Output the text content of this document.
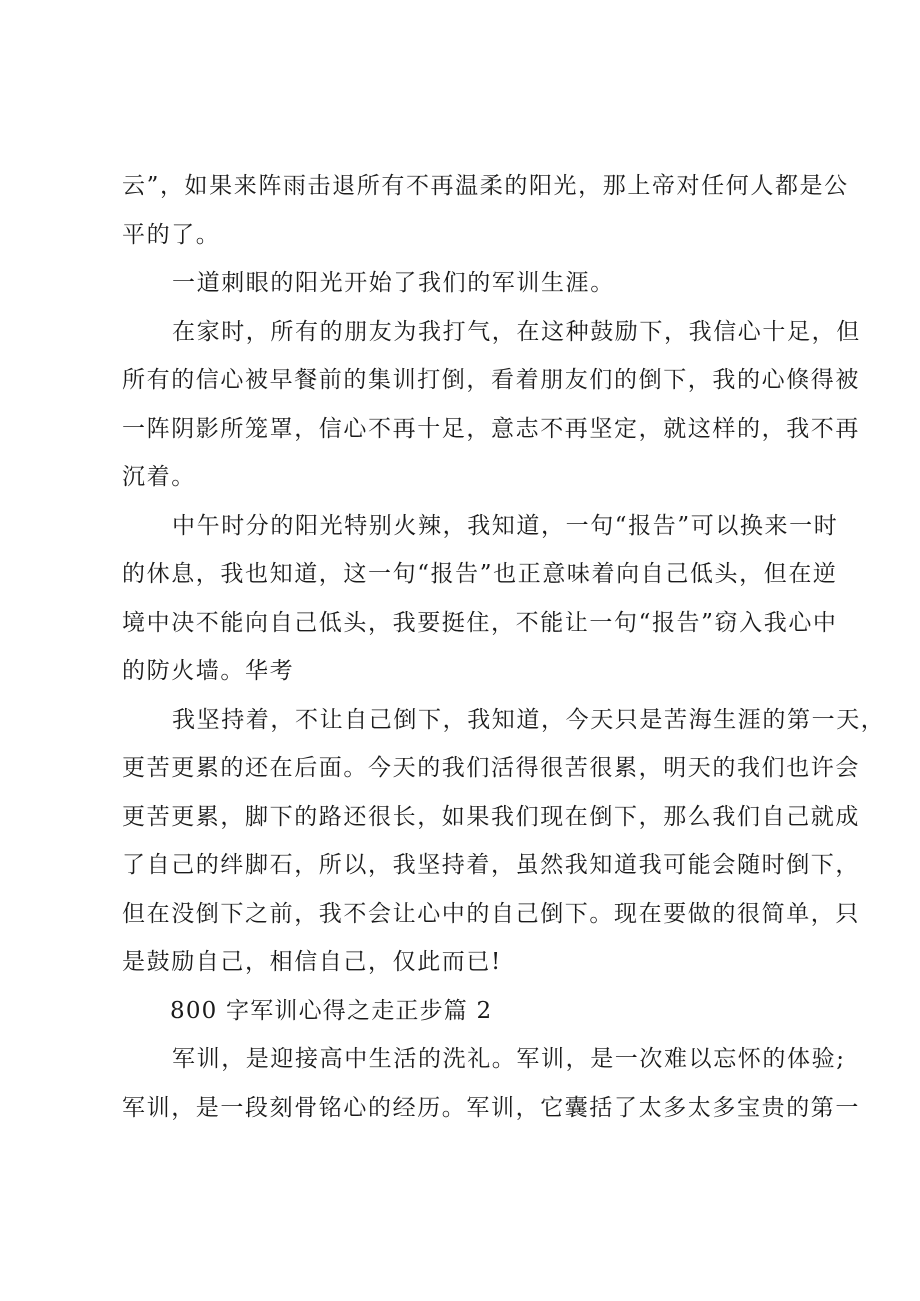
云”，如果来阵雨击退所有不再温柔的阳光，那上帝对任何人都是公
平的了。
一道刺眼的阳光开始了我们的军训生涯。
在家时，所有的朋友为我打气，在这种鼓励下，我信心十足，但
所有的信心被早餐前的集训打倒，看着朋友们的倒下，我的心倏得被
一阵阴影所笼罩，信心不再十足，意志不再坚定，就这样的，我不再
沉着。
中午时分的阳光特别火辣，我知道，一句“报告”可以换来一时
的休息，我也知道，这一句“报告”也正意味着向自己低头，但在逆
境中决不能向自己低头，我要挺住，不能让一句“报告”窃入我心中
的防火墙。华考
我坚持着，不让自己倒下，我知道，今天只是苦海生涯的第一天，
更苦更累的还在后面。今天的我们活得很苦很累，明天的我们也许会
更苦更累，脚下的路还很长，如果我们现在倒下，那么我们自己就成
了自己的绊脚石，所以，我坚持着，虽然我知道我可能会随时倒下，
但在没倒下之前，我不会让心中的自己倒下。现在要做的很简单，只
是鼓励自己，相信自己，仅此而已!
800 字军训心得之走正步篇 2
军训，是迎接高中生活的洗礼。军训，是一次难以忘怀的体验;
军训，是一段刻骨铭心的经历。军训，它囊括了太多太多宝贵的第一
